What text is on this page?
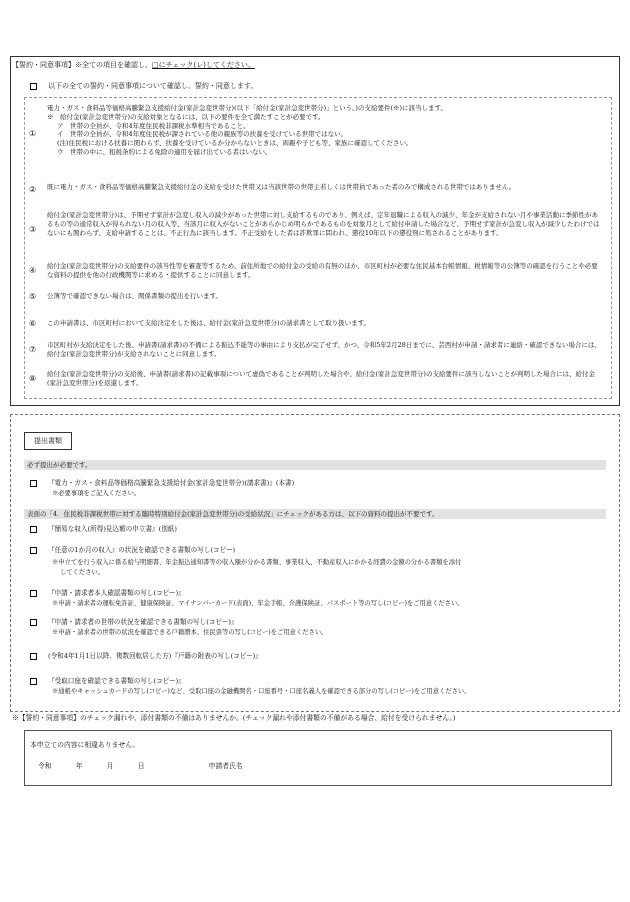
【誓約・同意事項】※全ての項目を確認し、□にチェック(レ)してください。
以下の全ての誓約・同意事項について確認し、誓約・同意します。
①
電力・ガス・食料品等価格高騰緊急支援給付金(家計急変世帯分)(以下「給付金(家計急変世帯分)」という。)の支給要件(※)に該当します。
※　給付金(家計急変世帯分)の支給対象となるには、以下の要件を全て満たすことが必要です。
ア　世帯の全員が、令和4年度住民税非課税水準相当であること。
イ　世帯の全員が、令和4年度住民税が課されている他の親族等の扶養を受けている世帯ではない。
(注)住民税における扶養に関わらず、扶養を受けているか分からないときは、両親や子ども等、家族に確認してください。
ウ　世帯の中に、租税条約による免除の適用を届け出ている者はいない。
②	既に電力・ガス・食料品等価格高騰緊急支援給付金の支給を受けた世帯又は当該世帯の世帯主若しくは世帯員であった者のみで構成される世帯ではありません。
③
給付金(家計急変世帯分)は、予期せず家計が急変し収入の減少があった世帯に対し支給するものであり、例えば、定年退職による収入の減少、年金が支給されない月や事業活動に季節性があるもの等の通常収入が得られない月の収入等、当該月に収入がないことがあらかじめ明らかであるものを対象月として給付申請した場合など、予期せず家計が急変し収入が減少したわけではないにも関わらず、支給申請することは、不正行為に該当します。不正受給をした者は詐欺罪に問われ、懲役10年以下の懲役刑に処されることがあります。
④	給付金(家計急変世帯分)の支給要件の該当性等を審査等するため、前住所地での給付金の受給の有無のほか、市区町村が必要な住民基本台帳情報、税情報等の公簿等の確認を行うことや必要な資料の提供を他の行政機関等に求める・提供することに同意します。
⑤	公簿等で確認できない場合は、関係書類の提出を行います。
⑥	この申請書は、市区町村において支給決定をした後は、給付金(家計急変世帯分)の請求書として取り扱います。
⑦	市区町村が支給決定をした後、申請書(請求書)の不備による振込不能等の事由により支払が完了せず、かつ、令和5年2月28日までに、芸西村が申請・請求者に連絡・確認できない場合には、給付金(家計急変世帯分)が支給されないことに同意します。
⑧	給付金(家計急変世帯分)の支給後、申請書(請求書)の記載事項について虚偽であることが判明した場合や、給付金(家計急変世帯分)の支給要件に該当しないことが判明した場合には、給付金(家計急変世帯分)を返還します。
提出書類
必ず提出が必要です。
『電力・ガス・食料品等価格高騰緊急支援給付金(家計急変世帯分)(請求書)』(本書)
※必要事項をご記入ください。
表面の「4．住民税非課税世帯に対する臨時特別給付金(家計急変世帯分)の受給状況」にチェックがある方は、以下の資料の提出が不要です。
『簡易な収入(所得)見込額の申立書』(別紙)
『任意の1か月の収入』の状況を確認できる書類の写し(コピー)
※申立てを行う収入に係る給与明細書、年金振込通知書等の収入額が分かる書類、事業収入、不動産収入にかかる経費の金額の分かる書類を添付
してください。
『申請・請求者本人確認書類の写し(コピー)』
※申請・請求者の運転免許証、健康保険証、マイナンバーカード(表面)、年金手帳、介護保険証、パスポート等の写し(コピー)をご用意ください。
『申請・請求者の世帯の状況を確認できる書類の写し(コピー)』
※申請・請求者の世帯の状況を確認できる戸籍謄本、住民票等の写し(コピー)をご用意ください。
(令和4年1月1日以降、複数回転居した方)『戸籍の附表の写し(コピー)』
『受取口座を確認できる書類の写し(コピー)』
※通帳やキャッシュカードの写し(コピー)など、受取口座の金融機関名・口座番号・口座名義人を確認できる部分の写し(コピー)をご用意ください。
※【誓約・同意事項】のチェック漏れや、添付書類の不備はありませんか。(チェック漏れや添付書類の不備がある場合、給付を受けられません。)
本申立ての内容に相違ありません。
令和	年	月	日	申請者氏名
